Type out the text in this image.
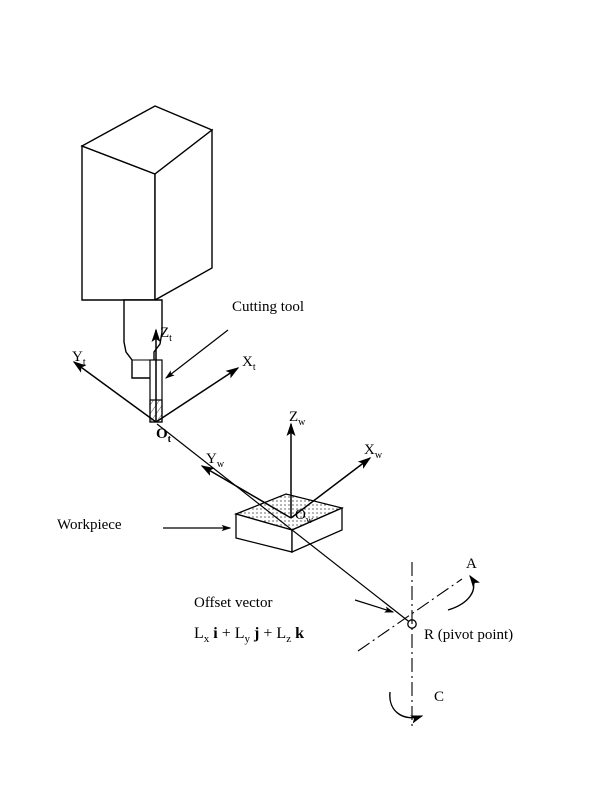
Cutting tool
$Z_t$
$X_t$
$Y_t$
$O_t$
$Z_w$
$X_w$
$Y_w$
$O_w$
Workpiece
Offset vector
$L_x$ $i + L_y$ $j + L_z$ k	R (pivot point)
A
C
